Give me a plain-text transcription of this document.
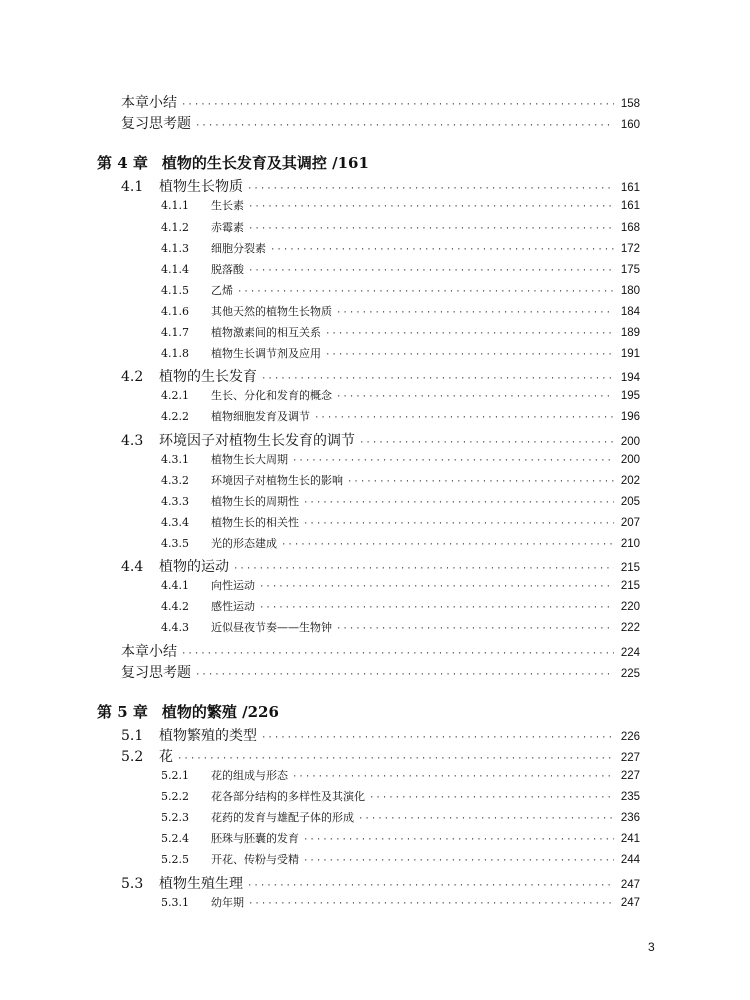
本章小结 ·····	158
复习思考题 ·····	160
第 4 章 植物的生长发育及其调控 /161
4.1 植物生长物质 ·····	161
4.1.1 生长素 ·····	161
4.1.2 赤霉素 ·····	168
4.1.3 细胞分裂素 ·····	172
4.1.4 脱落酸 ·····	175
4.1.5 乙烯 ·····	180
4.1.6 其他天然的植物生长物质 ·····	184
4.1.7 植物激素间的相互关系 ·····	189
4.1.8 植物生长调节剂及应用 ·····	191
4.2 植物的生长发育 ·····	194
4.2.1 生长、分化和发育的概念 ·····	195
4.2.2 植物细胞发育及调节 ·····	196
4.3 环境因子对植物生长发育的调节 ·····	200
4.3.1 植物生长大周期 ·····	200
4.3.2 环境因子对植物生长的影响 ·····	202
4.3.3 植物生长的周期性 ·····	205
4.3.4 植物生长的相关性 ·····	207
4.3.5 光的形态建成 ·····	210
4.4 植物的运动 ·····	215
4.4.1 向性运动 ·····	215
4.4.2 感性运动 ·····	220
4.4.3 近似昼夜节奏——生物钟 ·····	222
本章小结 ·····	224
复习思考题 ·····	225
第 5 章 植物的繁殖 /226
5.1 植物繁殖的类型 ·····	226
5.2 花 ·····	227
5.2.1 花的组成与形态 ·····	227
5.2.2 花各部分结构的多样性及其演化 ·····	235
5.2.3 花药的发育与雄配子体的形成 ·····	236
5.2.4 胚珠与胚囊的发育 ·····	241
5.2.5 开花、传粉与受精 ·····	244
5.3 植物生殖生理 ·····	247
5.3.1 幼年期 ·····	247
3
